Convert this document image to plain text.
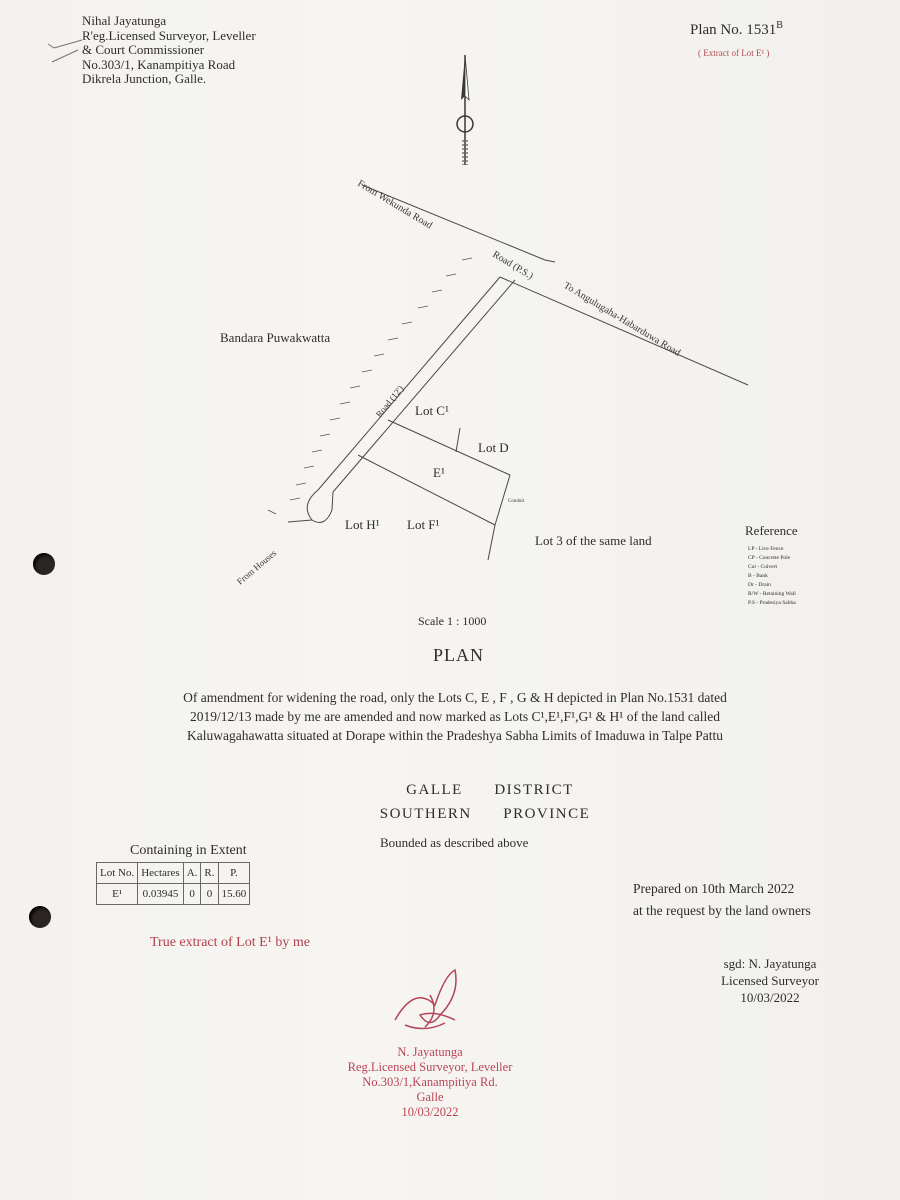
Nihal Jayatunga
R'eg.Licensed Surveyor, Leveller
& Court Commissioner
No.303/1, Kanampitiya Road
Dikrela Junction, Galle.
Plan No. $1531^B$
( Extract of Lot E¹ )
From Wekunda Road
Road (P.S.)
To Angulugaha-Habarduwa Road
Road (12')
From Houses
Conduit
Bandara Puwakwatta
Lot C¹
Lot D
E¹
Lot H¹ Lot F¹
Lot 3 of the same land
Reference
LP - Live Fence
CP - Concrete Pole
Cul - Culvert
B - Bank
Dr - Drain
R/W - Retaining Wall
P.S - Pradesiya Sabha
Scale 1 : 1000
PLAN
Of amendment for widening the road, only the Lots C, E , F , G & H depicted in Plan No.1531 dated
2019/12/13 made by me are amended and now marked as Lots C¹,E¹,F¹,G¹ & H¹ of the land called
Kaluwagahawatta situated at Dorape within the Pradeshya Sabha Limits of Imaduwa in Talpe Pattu
GALLE      DISTRICT
SOUTHERN      PROVINCE
Bounded as described above
Containing in Extent
Lot No.	Hectares	A.	R.	P.
E¹	0.03945	0	0	15.60
True extract of Lot E¹ by me
Prepared on 10th March 2022
at the request by the land owners
sgd: N. Jayatunga
Licensed Surveyor
10/03/2022
N. Jayatunga
Reg.Licensed Surveyor, Leveller
No.303/1,Kanampitiya Rd.
Galle
10/03/2022
